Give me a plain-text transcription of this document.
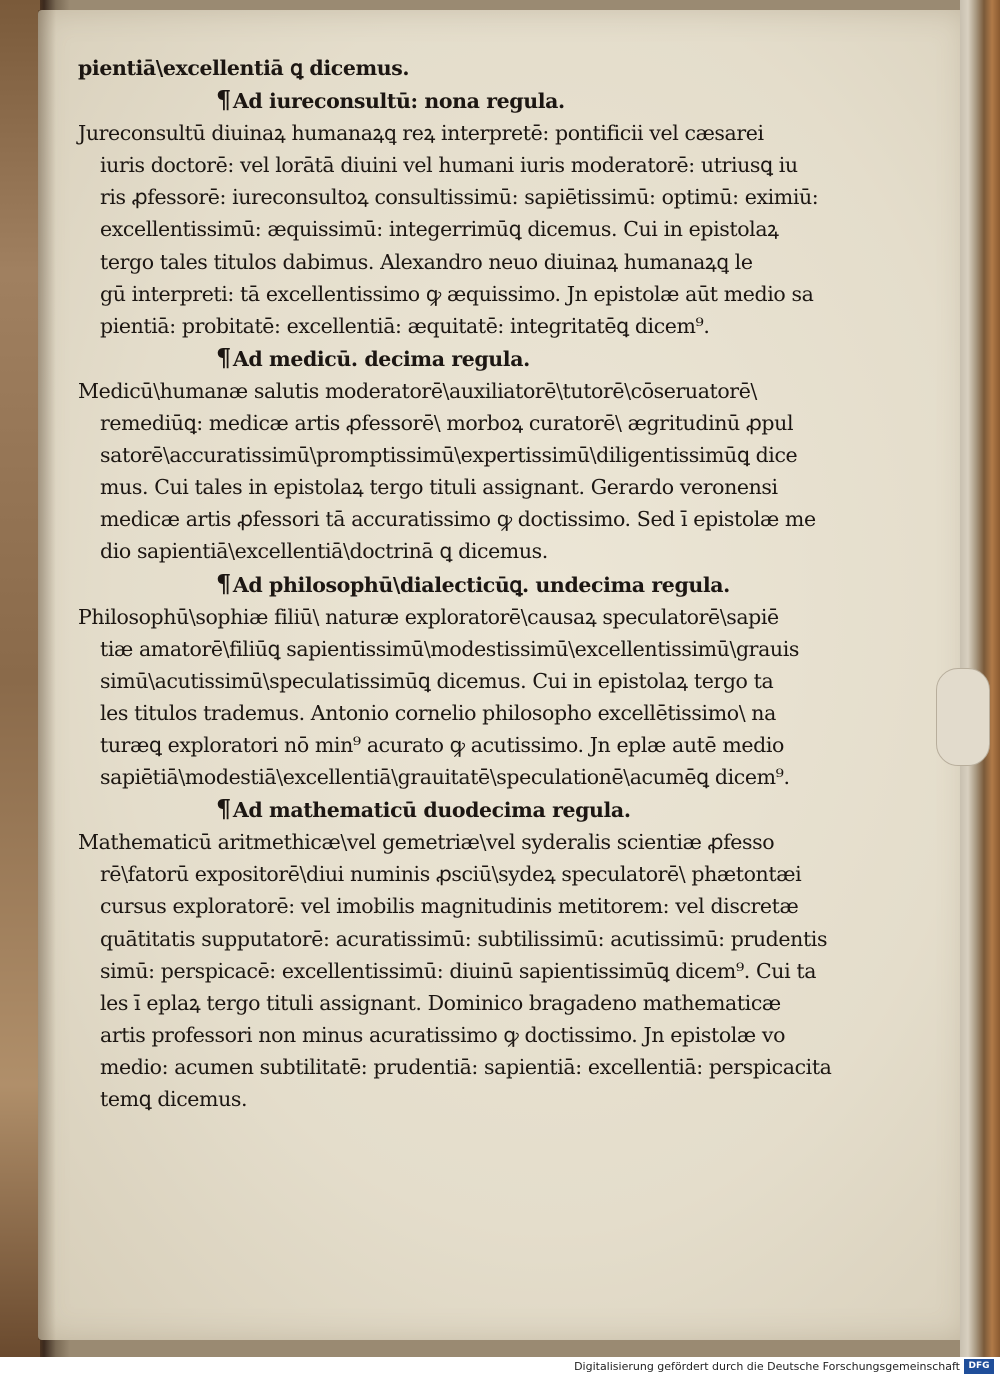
pientiā\excellentiā ꝗ dicemus.
¶Ad iureconsultū: nona regula.
Jureconsultū diuinaꝝ humanaꝝꝗ reꝝ interpretē: pontificii vel cæsarei
iuris doctorē: vel lorātā diuini vel humani iuris moderatorē: utriusꝗ iu
ris ꝓfessorē: iureconsultoꝝ consultissimū: sapiētissimū: optimū: eximiū:
excellentissimū: æquissimū: integerrimūꝗ dicemus. Cui in epistolaꝝ
tergo tales titulos dabimus. Alexandro neuo diuinaꝝ humanaꝝꝗ le
gū interpreti: tā excellentissimo ꝙ æquissimo. Jn epistolæ aūt medio sa
pientiā: probitatē: excellentiā: æquitatē: integritatēꝗ dicem⁹.
¶Ad medicū. decima regula.
Medicū\humanæ salutis moderatorē\auxiliatorē\tutorē\cōseruatorē\
remediūꝗ: medicæ artis ꝓfessorē\ morboꝝ curatorē\ ægritudinū ꝓpul
satorē\accuratissimū\promptissimū\expertissimū\diligentissimūꝗ dice
mus. Cui tales in epistolaꝝ tergo tituli assignant. Gerardo veronensi
medicæ artis ꝓfessori tā accuratissimo ꝙ doctissimo. Sed ī epistolæ me
dio sapientiā\excellentiā\doctrinā ꝗ dicemus.
¶Ad philosophū\dialecticūꝗ. undecima regula.
Philosophū\sophiæ filiū\ naturæ exploratorē\causaꝝ speculatorē\sapiē
tiæ amatorē\filiūꝗ sapientissimū\modestissimū\excellentissimū\grauis
simū\acutissimū\speculatissimūꝗ dicemus. Cui in epistolaꝝ tergo ta
les titulos trademus. Antonio cornelio philosopho excellētissimo\ na
turæꝗ exploratori nō min⁹ acurato ꝙ acutissimo. Jn eplæ autē medio
sapiētiā\modestiā\excellentiā\grauitatē\speculationē\acumēꝗ dicem⁹.
¶Ad mathematicū duodecima regula.
Mathematicū aritmethicæ\vel gemetriæ\vel syderalis scientiæ ꝓfesso
rē\fatorū expositorē\diui numinis ꝓsciū\sydeꝝ speculatorē\ phætontæi
cursus exploratorē: vel imobilis magnitudinis metitorem: vel discretæ
quātitatis supputatorē: acuratissimū: subtilissimū: acutissimū: prudentis
simū: perspicacē: excellentissimū: diuinū sapientissimūꝗ dicem⁹. Cui ta
les ī eplaꝝ tergo tituli assignant. Dominico bragadeno mathematicæ
artis professori non minus acuratissimo ꝙ doctissimo. Jn epistolæ vo
medio: acumen subtilitatē: prudentiā: sapientiā: excellentiā: perspicacita
temꝗ dicemus.
Digitalisierung gefördert durch die Deutsche Forschungsgemeinschaft DFG
